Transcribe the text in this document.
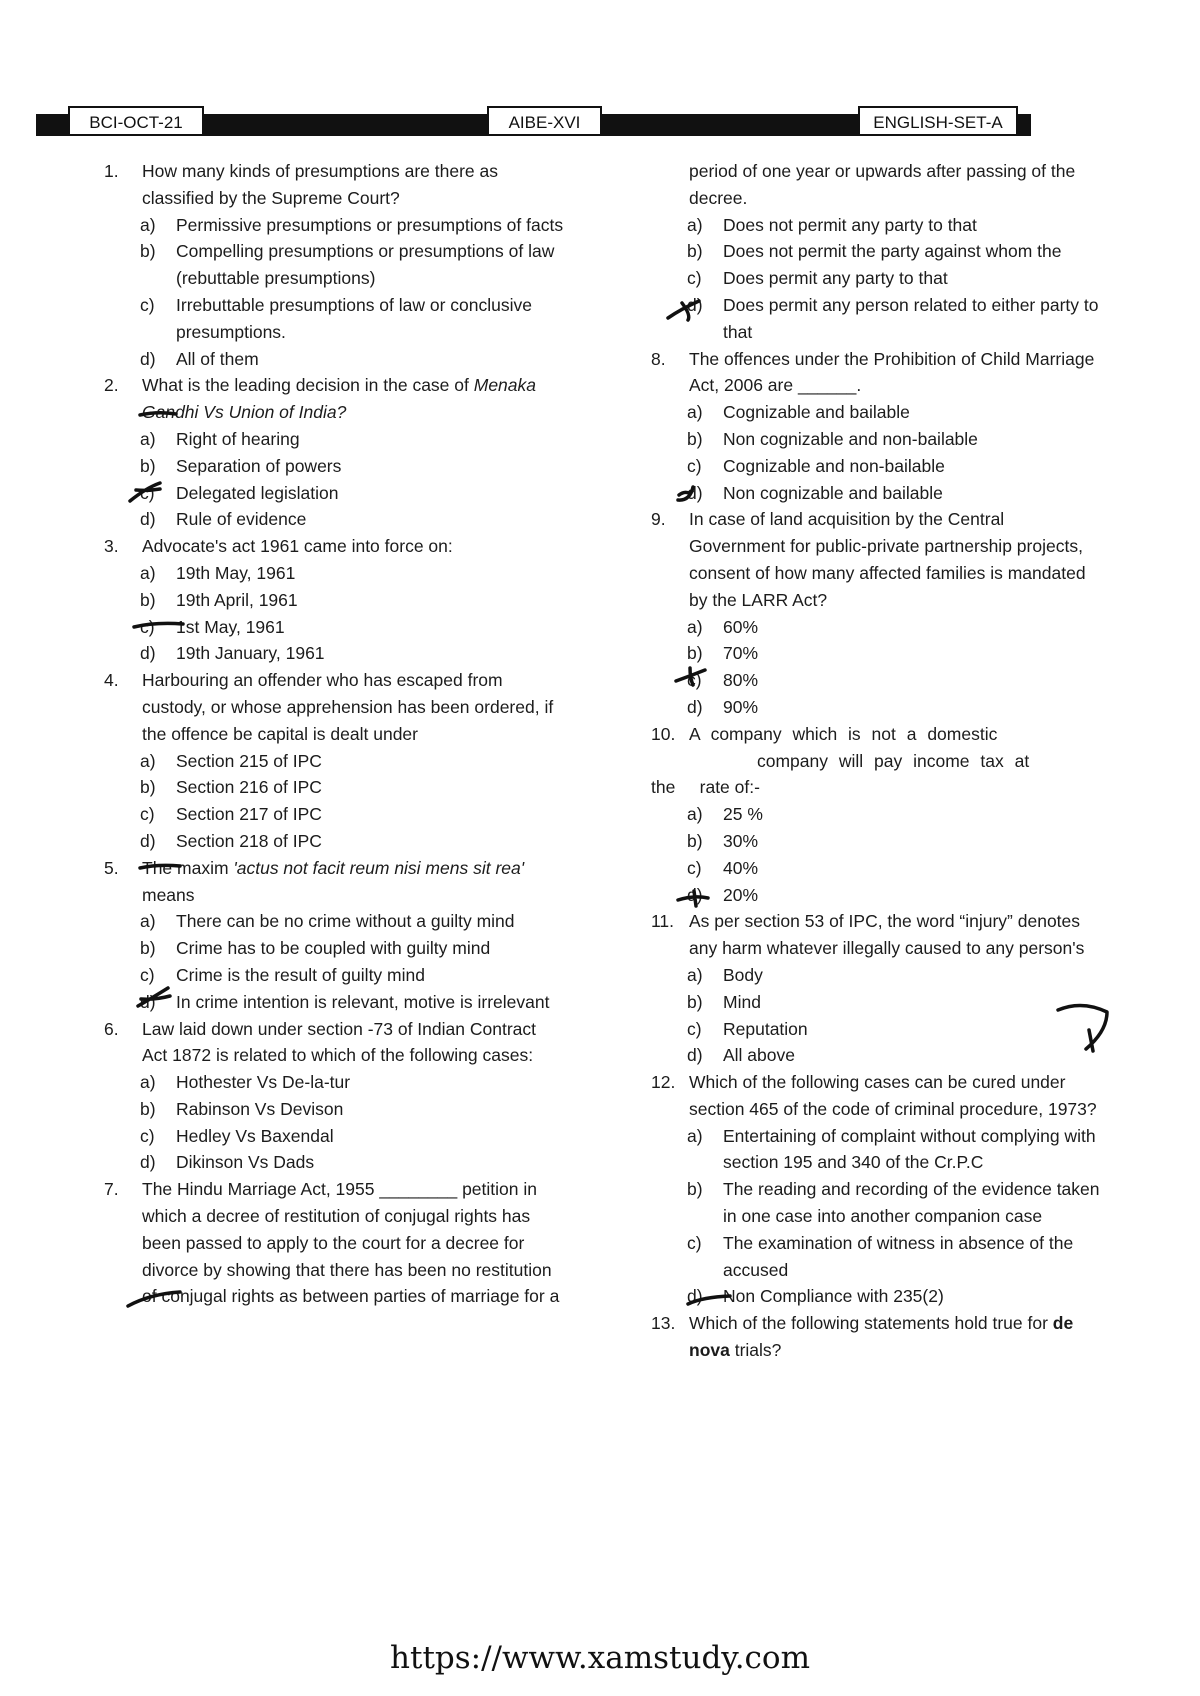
BCI-OCT-21	AIBE-XVI	ENGLISH-SET-A
1. How many kinds of presumptions are there as classified by the Supreme Court?
a) Permissive presumptions or presumptions of facts
b) Compelling presumptions or presumptions of law (rebuttable presumptions)
c) Irrebuttable presumptions of law or conclusive presumptions.
d) All of them
2. What is the leading decision in the case of Menaka Gandhi Vs Union of India?
a) Right of hearing
b) Separation of powers
c) Delegated legislation
d) Rule of evidence
3. Advocate's act 1961 came into force on:
a) 19th May, 1961
b) 19th April, 1961
c) 1st May, 1961
d) 19th January, 1961
4. Harbouring an offender who has escaped from custody, or whose apprehension has been ordered, if the offence be capital is dealt under
a) Section 215 of IPC
b) Section 216 of IPC
c) Section 217 of IPC
d) Section 218 of IPC
5. The maxim 'actus not facit reum nisi mens sit rea' means
a) There can be no crime without a guilty mind
b) Crime has to be coupled with guilty mind
c) Crime is the result of guilty mind
d) In crime intention is relevant, motive is irrelevant
6. Law laid down under section -73 of Indian Contract Act 1872 is related to which of the following cases:
a) Hothester Vs De-la-tur
b) Rabinson Vs Devison
c) Hedley Vs Baxendal
d) Dikinson Vs Dads
7. The Hindu Marriage Act, 1955 ________ petition in which a decree of restitution of conjugal rights has been passed to apply to the court for a decree for divorce by showing that there has been no restitution of conjugal rights as between parties of marriage for a
period of one year or upwards after passing of the decree.
a) Does not permit any party to that
b) Does not permit the party against whom the
c) Does permit any party to that
d) Does permit any person related to either party to that
8. The offences under the Prohibition of Child Marriage Act, 2006 are ______.
a) Cognizable and bailable
b) Non cognizable and non-bailable
c) Cognizable and non-bailable
d) Non cognizable and bailable
9. In case of land acquisition by the Central Government for public-private partnership projects, consent of how many affected families is mandated by the LARR Act?
a) 60%
b) 70%
c) 80%
d) 90%
10. A company which is not a domestic
company will pay income tax at
the     rate of:-
a) 25 %
b) 30%
c) 40%
d) 20%
11. As per section 53 of IPC, the word “injury” denotes any harm whatever illegally caused to any person's
a) Body
b) Mind
c) Reputation
d) All above
12. Which of the following cases can be cured under section 465 of the code of criminal procedure, 1973?
a) Entertaining of complaint without complying with section 195 and 340 of the Cr.P.C
b) The reading and recording of the evidence taken in one case into another companion case
c) The examination of witness in absence of the accused
d) Non Compliance with 235(2)
13. Which of the following statements hold true for de nova trials?
https://www.xamstudy.com
